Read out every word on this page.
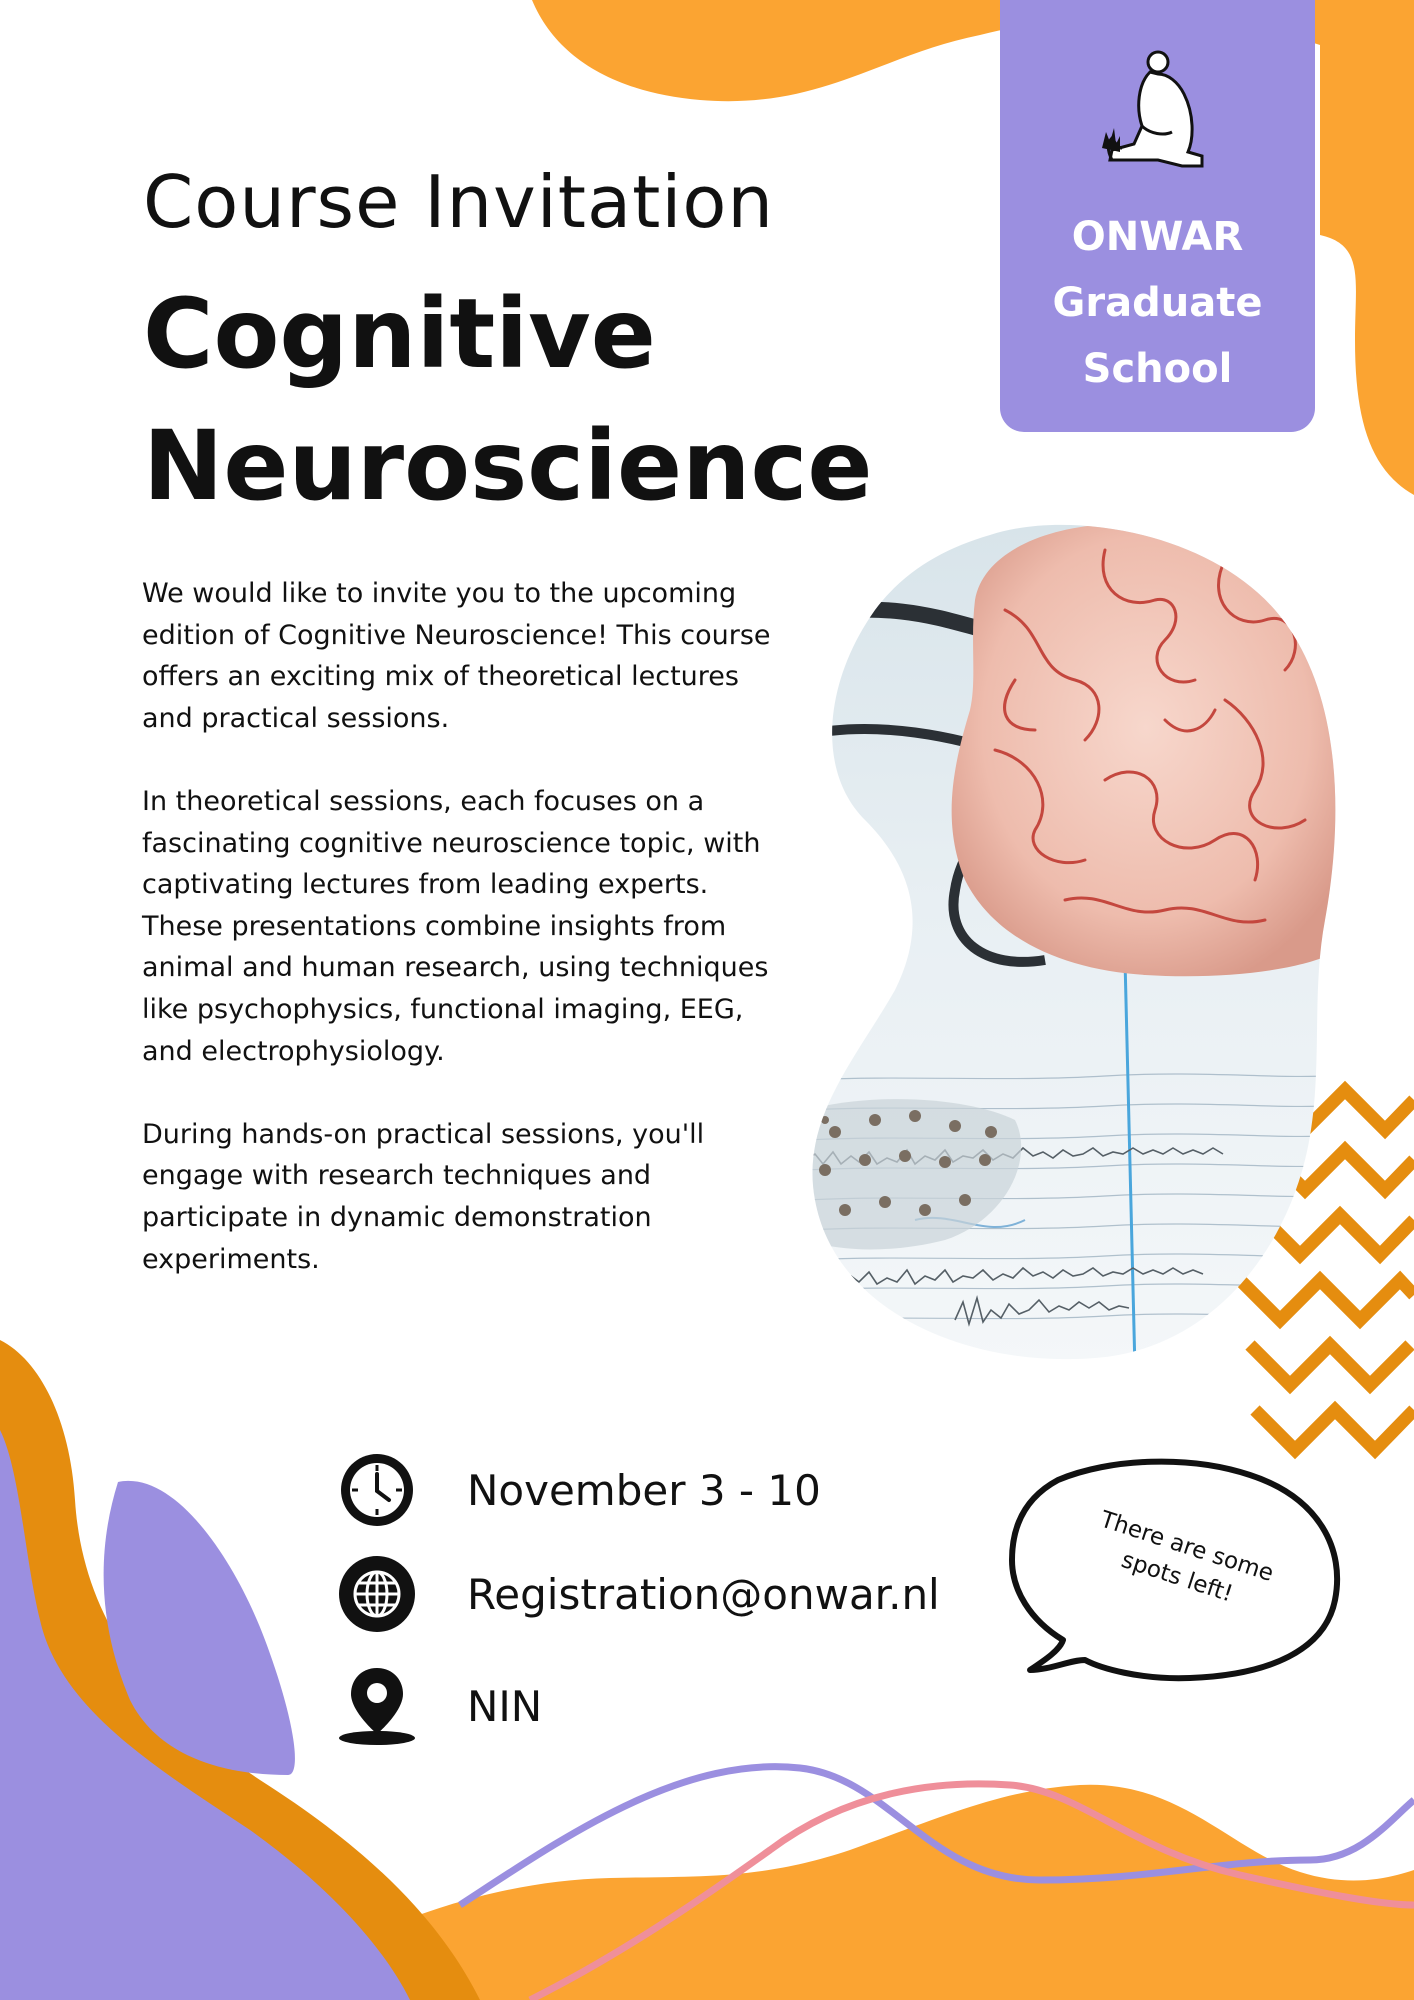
Course Invitation
Cognitive
Neuroscience
ONWAR
Graduate
School

We would like to invite you to the upcoming edition of Cognitive Neuroscience! This course offers an exciting mix of theoretical lectures and practical sessions.

In theoretical sessions, each focuses on a fascinating cognitive neuroscience topic, with captivating lectures from leading experts. These presentations combine insights from animal and human research, using techniques like psychophysics, functional imaging, EEG, and electrophysiology.

During hands-on practical sessions, you'll engage with research techniques and participate in dynamic demonstration experiments.

November 3 - 10
Registration@onwar.nl
NIN
There are some spots left!
